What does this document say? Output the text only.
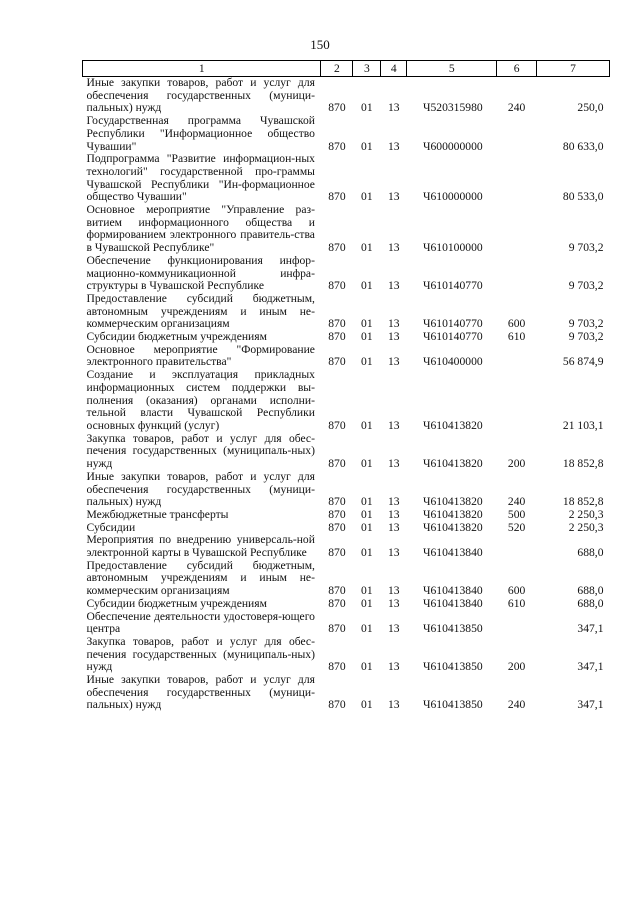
150
1	2	3	4	5	6	7
Иные закупки товаров, работ и услуг для обеспечения государственных (муници-пальных) нужд	870	01	13	Ч520315980	240	250,0
Государственная программа Чувашской Республики "Информационное общество Чувашии"	870	01	13	Ч600000000		80 633,0
Подпрограмма "Развитие информацион-ных технологий" государственной про-граммы Чувашской Республики "Ин-формационное общество Чувашии"	870	01	13	Ч610000000		80 533,0
Основное мероприятие "Управление раз-витием информационного общества и формированием электронного правитель-ства в Чувашской Республике"	870	01	13	Ч610100000		9 703,2
Обеспечение функционирования инфор-мационно-коммуникационной инфра-структуры в Чувашской Республике	870	01	13	Ч610140770		9 703,2
Предоставление субсидий бюджетным, автономным учреждениям и иным не-коммерческим организациям	870	01	13	Ч610140770	600	9 703,2
Субсидии бюджетным учреждениям	870	01	13	Ч610140770	610	9 703,2
Основное мероприятие "Формирование электронного правительства"	870	01	13	Ч610400000		56 874,9
Создание и эксплуатация прикладных информационных систем поддержки вы-полнения (оказания) органами исполни-тельной власти Чувашской Республики основных функций (услуг)	870	01	13	Ч610413820		21 103,1
Закупка товаров, работ и услуг для обес-печения государственных (муниципаль-ных) нужд	870	01	13	Ч610413820	200	18 852,8
Иные закупки товаров, работ и услуг для обеспечения государственных (муници-пальных) нужд	870	01	13	Ч610413820	240	18 852,8
Межбюджетные трансферты	870	01	13	Ч610413820	500	2 250,3
Субсидии	870	01	13	Ч610413820	520	2 250,3
Мероприятия по внедрению универсаль-ной электронной карты в Чувашской Республике	870	01	13	Ч610413840		688,0
Предоставление субсидий бюджетным, автономным учреждениям и иным не-коммерческим организациям	870	01	13	Ч610413840	600	688,0
Субсидии бюджетным учреждениям	870	01	13	Ч610413840	610	688,0
Обеспечение деятельности удостоверя-ющего центра	870	01	13	Ч610413850		347,1
Закупка товаров, работ и услуг для обес-печения государственных (муниципаль-ных) нужд	870	01	13	Ч610413850	200	347,1
Иные закупки товаров, работ и услуг для обеспечения государственных (муници-пальных) нужд	870	01	13	Ч610413850	240	347,1
